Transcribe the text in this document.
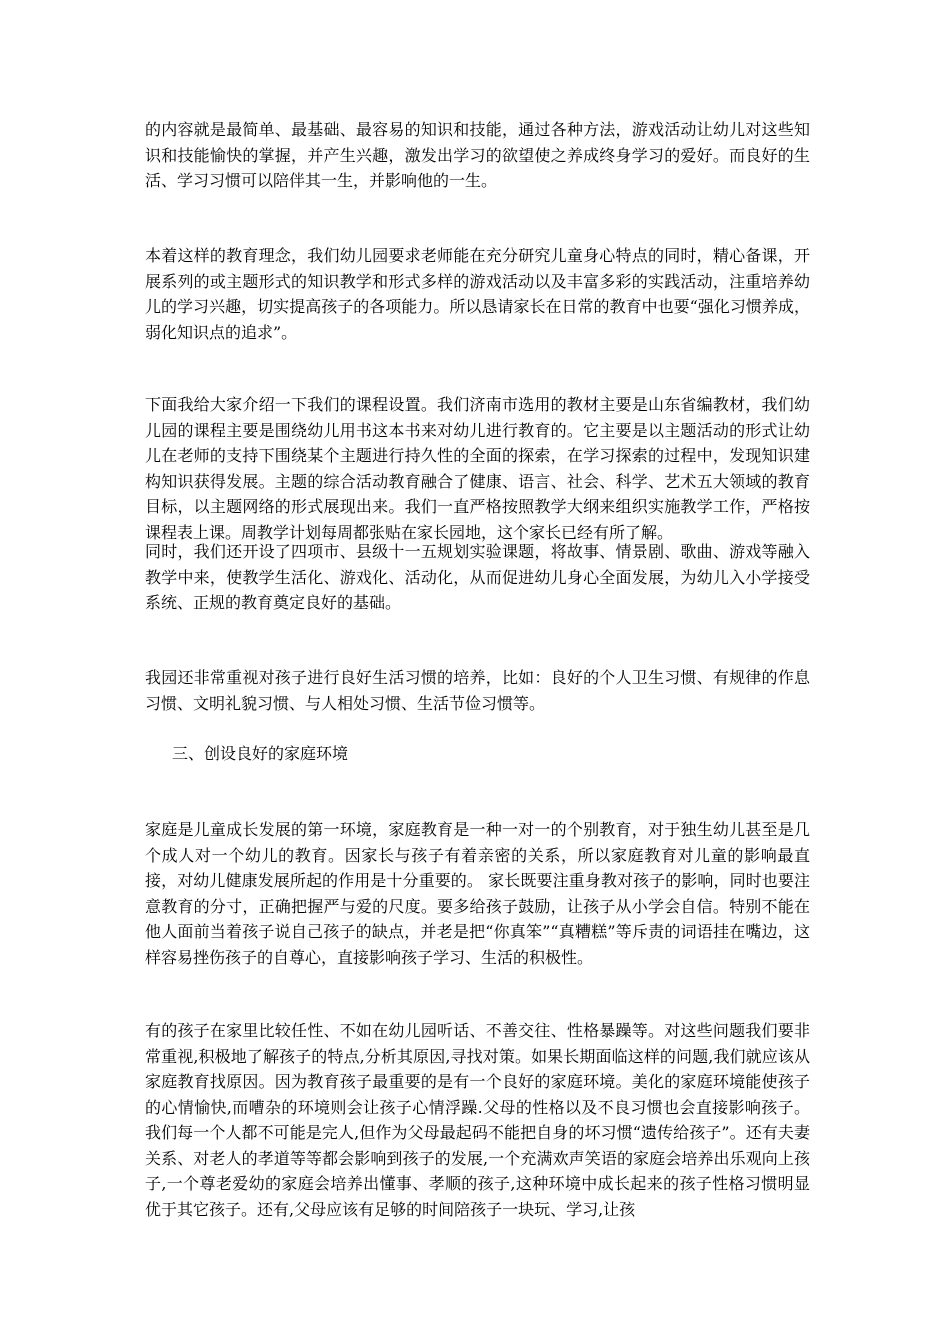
的内容就是最简单、最基础、最容易的知识和技能，通过各种方法，游戏活动让幼儿对这些知识和技能愉快的掌握，并产生兴趣，激发出学习的欲望使之养成终身学习的爱好。而良好的生活、学习习惯可以陪伴其一生，并影响他的一生。

本着这样的教育理念，我们幼儿园要求老师能在充分研究儿童身心特点的同时，精心备课，开展系列的或主题形式的知识教学和形式多样的游戏活动以及丰富多彩的实践活动，注重培养幼儿的学习兴趣，切实提高孩子的各项能力。所以恳请家长在日常的教育中也要“强化习惯养成，弱化知识点的追求”。

下面我给大家介绍一下我们的课程设置。我们济南市选用的教材主要是山东省编教材，我们幼儿园的课程主要是围绕幼儿用书这本书来对幼儿进行教育的。它主要是以主题活动的形式让幼儿在老师的支持下围绕某个主题进行持久性的全面的探索，在学习探索的过程中，发现知识建构知识获得发展。主题的综合活动教育融合了健康、语言、社会、科学、艺术五大领域的教育目标，以主题网络的形式展现出来。我们一直严格按照教学大纲来组织实施教学工作，严格按课程表上课。周教学计划每周都张贴在家长园地，这个家长已经有所了解。

同时，我们还开设了四项市、县级十一五规划实验课题，将故事、情景剧、歌曲、游戏等融入教学中来，使教学生活化、游戏化、活动化，从而促进幼儿身心全面发展，为幼儿入小学接受系统、正规的教育奠定良好的基础。

我园还非常重视对孩子进行良好生活习惯的培养，比如：良好的个人卫生习惯、有规律的作息习惯、文明礼貌习惯、与人相处习惯、生活节俭习惯等。

三、创设良好的家庭环境

家庭是儿童成长发展的第一环境，家庭教育是一种一对一的个别教育，对于独生幼儿甚至是几个成人对一个幼儿的教育。因家长与孩子有着亲密的关系，所以家庭教育对儿童的影响最直接，对幼儿健康发展所起的作用是十分重要的。 家长既要注重身教对孩子的影响，同时也要注意教育的分寸，正确把握严与爱的尺度。要多给孩子鼓励，让孩子从小学会自信。特别不能在他人面前当着孩子说自己孩子的缺点，并老是把“你真笨”“真糟糕”等斥责的词语挂在嘴边，这样容易挫伤孩子的自尊心，直接影响孩子学习、生活的积极性。

有的孩子在家里比较任性、不如在幼儿园听话、不善交往、性格暴躁等。对这些问题我们要非常重视,积极地了解孩子的特点,分析其原因,寻找对策。如果长期面临这样的问题,我们就应该从家庭教育找原因。因为教育孩子最重要的是有一个良好的家庭环境。美化的家庭环境能使孩子的心情愉快,而嘈杂的环境则会让孩子心情浮躁.父母的性格以及不良习惯也会直接影响孩子。我们每一个人都不可能是完人,但作为父母最起码不能把自身的坏习惯“遗传给孩子”。还有夫妻关系、对老人的孝道等等都会影响到孩子的发展,一个充满欢声笑语的家庭会培养出乐观向上孩子,一个尊老爱幼的家庭会培养出懂事、孝顺的孩子,这种环境中成长起来的孩子性格习惯明显优于其它孩子。还有,父母应该有足够的时间陪孩子一块玩、学习,让孩
